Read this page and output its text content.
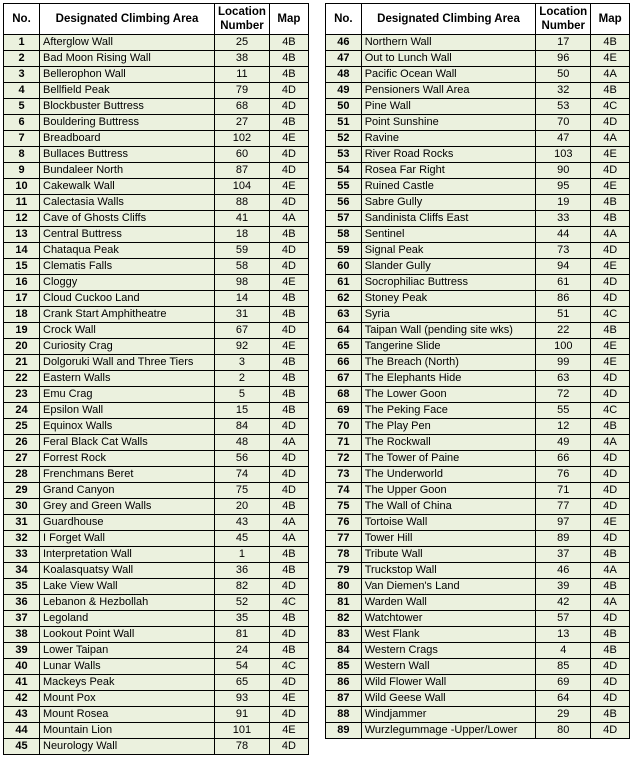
No.	Designated Climbing Area	Location Number	Map
1	Afterglow Wall	25	4B
2	Bad Moon Rising Wall	38	4B
3	Bellerophon Wall	11	4B
4	Bellfield Peak	79	4D
5	Blockbuster Buttress	68	4D
6	Bouldering Buttress	27	4B
7	Breadboard	102	4E
8	Bullaces Buttress	60	4D
9	Bundaleer North	87	4D
10	Cakewalk Wall	104	4E
11	Calectasia Walls	88	4D
12	Cave of Ghosts Cliffs	41	4A
13	Central Buttress	18	4B
14	Chataqua Peak	59	4D
15	Clematis Falls	58	4D
16	Cloggy	98	4E
17	Cloud Cuckoo Land	14	4B
18	Crank Start Amphitheatre	31	4B
19	Crock Wall	67	4D
20	Curiosity Crag	92	4E
21	Dolgoruki Wall and Three Tiers	3	4B
22	Eastern Walls	2	4B
23	Emu Crag	5	4B
24	Epsilon Wall	15	4B
25	Equinox Walls	84	4D
26	Feral Black Cat Walls	48	4A
27	Forrest Rock	56	4D
28	Frenchmans Beret	74	4D
29	Grand Canyon	75	4D
30	Grey and Green Walls	20	4B
31	Guardhouse	43	4A
32	I Forget Wall	45	4A
33	Interpretation Wall	1	4B
34	Koalasquatsy Wall	36	4B
35	Lake View Wall	82	4D
36	Lebanon & Hezbollah	52	4C
37	Legoland	35	4B
38	Lookout Point Wall	81	4D
39	Lower Taipan	24	4B
40	Lunar Walls	54	4C
41	Mackeys Peak	65	4D
42	Mount Pox	93	4E
43	Mount Rosea	91	4D
44	Mountain Lion	101	4E
45	Neurology Wall	78	4D
No.	Designated Climbing Area	Location Number	Map
46	Northern Wall	17	4B
47	Out to Lunch Wall	96	4E
48	Pacific Ocean Wall	50	4A
49	Pensioners Wall Area	32	4B
50	Pine Wall	53	4C
51	Point Sunshine	70	4D
52	Ravine	47	4A
53	River Road Rocks	103	4E
54	Rosea Far Right	90	4D
55	Ruined Castle	95	4E
56	Sabre Gully	19	4B
57	Sandinista Cliffs East	33	4B
58	Sentinel	44	4A
59	Signal Peak	73	4D
60	Slander Gully	94	4E
61	Socrophiliac Buttress	61	4D
62	Stoney Peak	86	4D
63	Syria	51	4C
64	Taipan Wall (pending site wks)	22	4B
65	Tangerine Slide	100	4E
66	The Breach (North)	99	4E
67	The Elephants Hide	63	4D
68	The Lower Goon	72	4D
69	The Peking Face	55	4C
70	The Play Pen	12	4B
71	The Rockwall	49	4A
72	The Tower of Paine	66	4D
73	The Underworld	76	4D
74	The Upper Goon	71	4D
75	The Wall of China	77	4D
76	Tortoise Wall	97	4E
77	Tower Hill	89	4D
78	Tribute Wall	37	4B
79	Truckstop Wall	46	4A
80	Van Diemen's Land	39	4B
81	Warden Wall	42	4A
82	Watchtower	57	4D
83	West Flank	13	4B
84	Western Crags	4	4B
85	Western Wall	85	4D
86	Wild Flower Wall	69	4D
87	Wild Geese Wall	64	4D
88	Windjammer	29	4B
89	Wurzlegummage -Upper/Lower	80	4D
